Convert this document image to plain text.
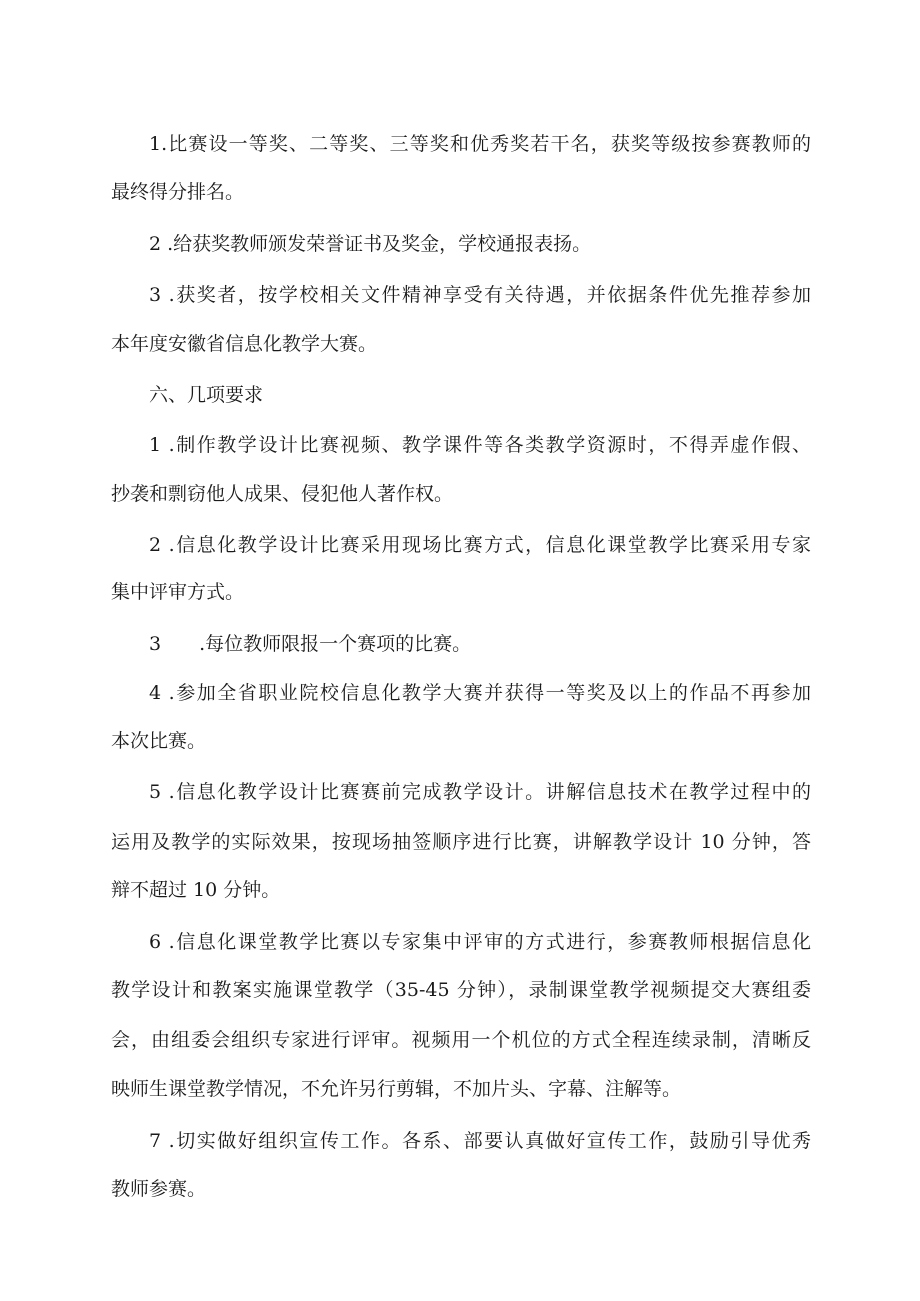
1.比赛设一等奖、二等奖、三等奖和优秀奖若干名，获奖等级按参赛教师的
最终得分排名。
2 .给获奖教师颁发荣誉证书及奖金，学校通报表扬。
3 .获奖者，按学校相关文件精神享受有关待遇，并依据条件优先推荐参加
本年度安徽省信息化教学大赛。
六、几项要求
1 .制作教学设计比赛视频、教学课件等各类教学资源时，不得弄虚作假、
抄袭和剽窃他人成果、侵犯他人著作权。
2 .信息化教学设计比赛采用现场比赛方式，信息化课堂教学比赛采用专家
集中评审方式。
3　　.每位教师限报一个赛项的比赛。
4 .参加全省职业院校信息化教学大赛并获得一等奖及以上的作品不再参加
本次比赛。
5 .信息化教学设计比赛赛前完成教学设计。讲解信息技术在教学过程中的
运用及教学的实际效果，按现场抽签顺序进行比赛，讲解教学设计 10 分钟，答
辩不超过 10 分钟。
6 .信息化课堂教学比赛以专家集中评审的方式进行，参赛教师根据信息化
教学设计和教案实施课堂教学（35-45 分钟），录制课堂教学视频提交大赛组委
会，由组委会组织专家进行评审。视频用一个机位的方式全程连续录制，清晰反
映师生课堂教学情况，不允许另行剪辑，不加片头、字幕、注解等。
7 .切实做好组织宣传工作。各系、部要认真做好宣传工作，鼓励引导优秀
教师参赛。
